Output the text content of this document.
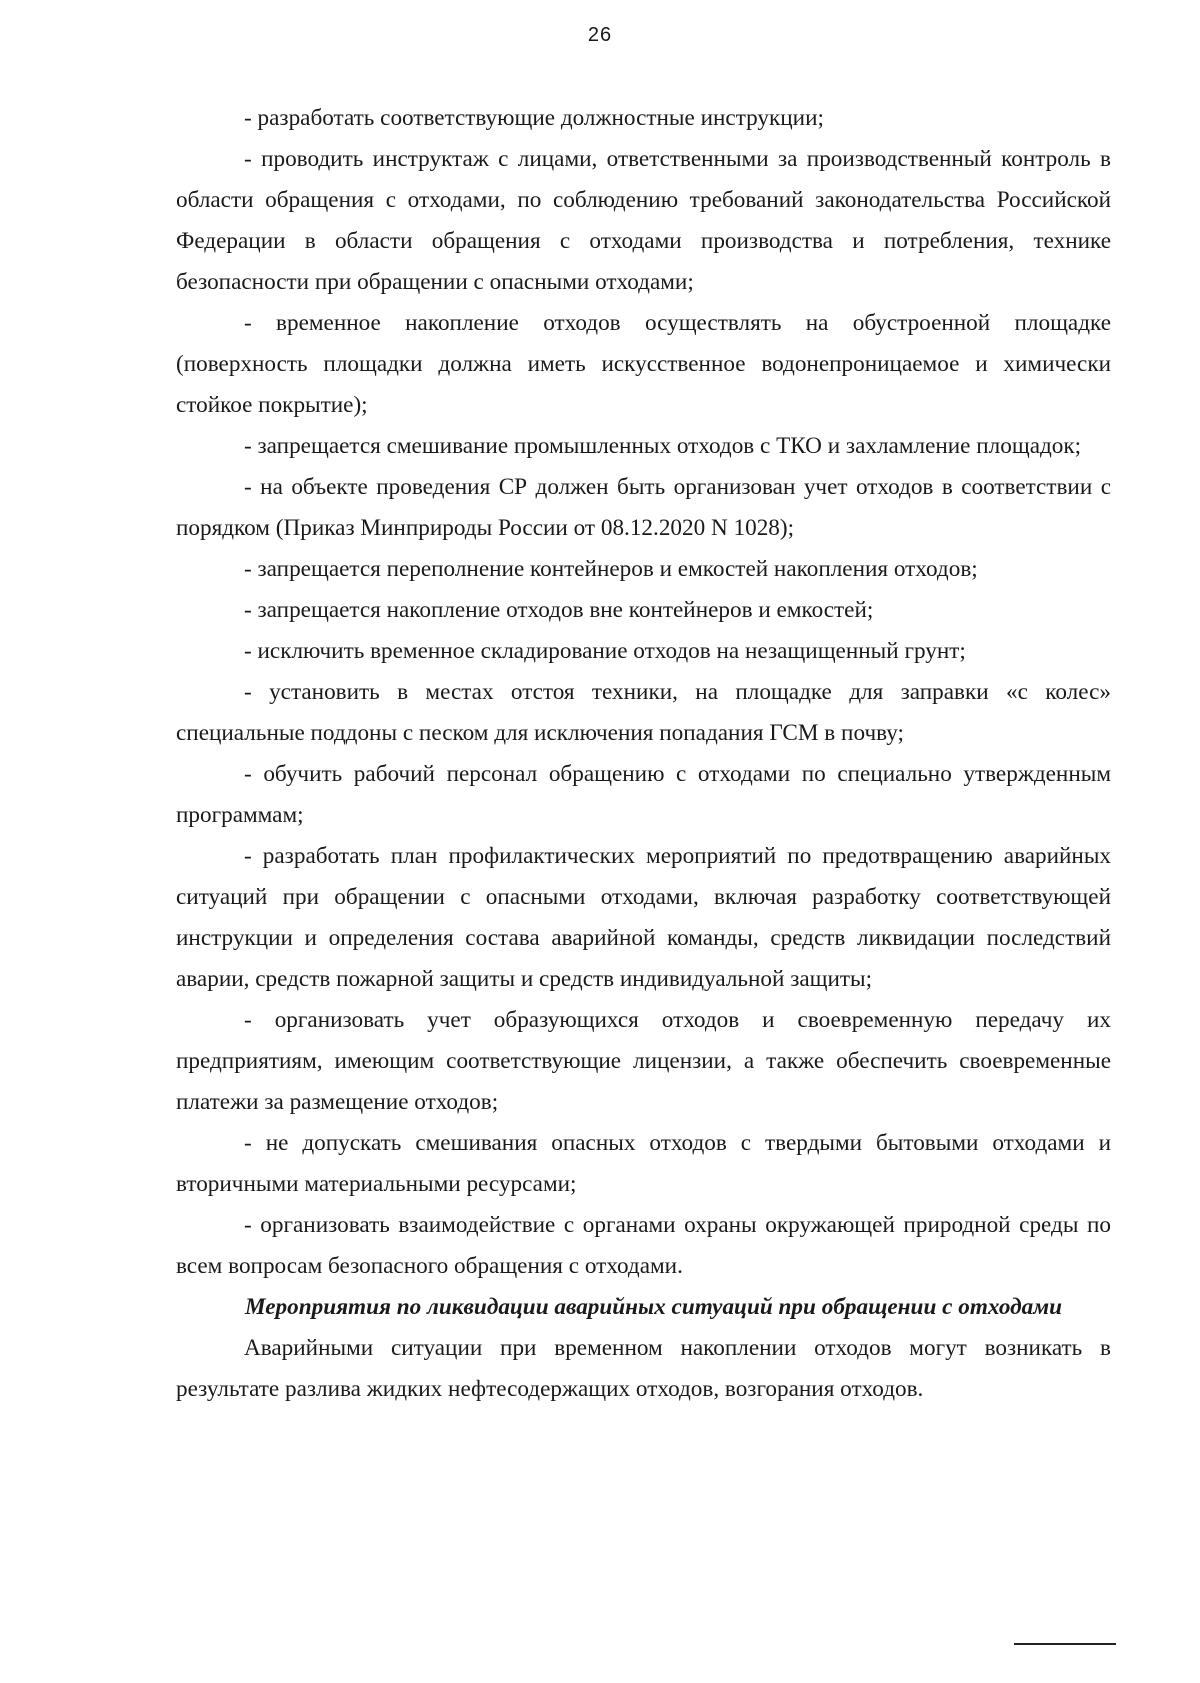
26

- разработать соответствующие должностные инструкции;

- проводить инструктаж с лицами, ответственными за производственный контроль в области обращения с отходами, по соблюдению требований законодательства Российской Федерации в области обращения с отходами производства и потребления, технике безопасности при обращении с опасными отходами;

- временное накопление отходов осуществлять на обустроенной площадке (поверхность площадки должна иметь искусственное водонепроницаемое и химически стойкое покрытие);

- запрещается смешивание промышленных отходов с ТКО и захламление площадок;

- на объекте проведения СР должен быть организован учет отходов в соответствии с порядком (Приказ Минприроды России от 08.12.2020 N 1028);

- запрещается переполнение контейнеров и емкостей накопления отходов;

- запрещается накопление отходов вне контейнеров и емкостей;

- исключить временное складирование отходов на незащищенный грунт;

- установить в местах отстоя техники, на площадке для заправки «с колес» специальные поддоны с песком для исключения попадания ГСМ в почву;

- обучить рабочий персонал обращению с отходами по специально утвержденным программам;

- разработать план профилактических мероприятий по предотвращению аварийных ситуаций при обращении с опасными отходами, включая разработку соответствующей инструкции и определения состава аварийной команды, средств ликвидации последствий аварии, средств пожарной защиты и средств индивидуальной защиты;

- организовать учет образующихся отходов и своевременную передачу их предприятиям, имеющим соответствующие лицензии, а также обеспечить своевременные платежи за размещение отходов;

- не допускать смешивания опасных отходов с твердыми бытовыми отходами и вторичными материальными ресурсами;

- организовать взаимодействие с органами охраны окружающей природной среды по всем вопросам безопасного обращения с отходами.

Мероприятия по ликвидации аварийных ситуаций при обращении с отходами

Аварийными ситуации при временном накоплении отходов могут возникать в результате разлива жидких нефтесодержащих отходов, возгорания отходов.
